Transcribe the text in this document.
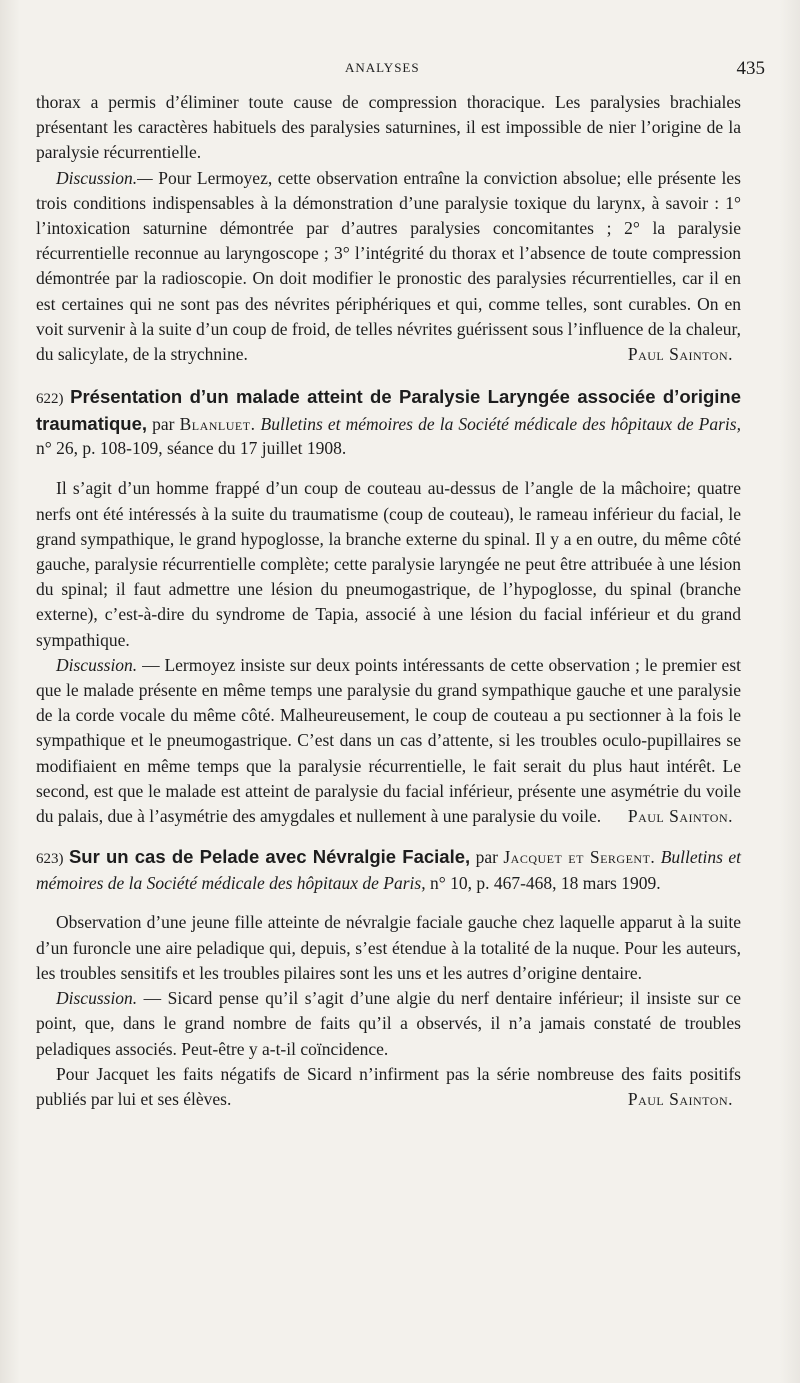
ANALYSES	435

thorax a permis d’éliminer toute cause de compression thoracique. Les paralysies brachiales présentant les caractères habituels des paralysies saturnines, il est impossible de nier l’origine de la paralysie récurrentielle.

Discussion.— Pour Lermoyez, cette observation entraîne la conviction absolue; elle présente les trois conditions indispensables à la démonstration d’une paralysie toxique du larynx, à savoir : 1° l’intoxication saturnine démontrée par d’autres paralysies concomitantes ; 2° la paralysie récurrentielle reconnue au laryngoscope ; 3° l’intégrité du thorax et l’absence de toute compression démontrée par la radioscopie. On doit modifier le pronostic des paralysies récurrentielles, car il en est certaines qui ne sont pas des névrites périphériques et qui, comme telles, sont curables. On en voit survenir à la suite d’un coup de froid, de telles névrites guérissent sous l’influence de la chaleur, du salicylate, de la strychnine.	Paul Sainton.

622) Présentation d’un malade atteint de Paralysie Laryngée associée d’origine traumatique, par Blanluet. Bulletins et mémoires de la Société médicale des hôpitaux de Paris, n° 26, p. 108-109, séance du 17 juillet 1908.

Il s’agit d’un homme frappé d’un coup de couteau au-dessus de l’angle de la mâchoire; quatre nerfs ont été intéressés à la suite du traumatisme (coup de couteau), le rameau inférieur du facial, le grand sympathique, le grand hypoglosse, la branche externe du spinal. Il y a en outre, du même côté gauche, paralysie récurrentielle complète; cette paralysie laryngée ne peut être attribuée à une lésion du spinal; il faut admettre une lésion du pneumogastrique, de l’hypoglosse, du spinal (branche externe), c’est-à-dire du syndrome de Tapia, associé à une lésion du facial inférieur et du grand sympathique.

Discussion. — Lermoyez insiste sur deux points intéressants de cette observation ; le premier est que le malade présente en même temps une paralysie du grand sympathique gauche et une paralysie de la corde vocale du même côté. Malheureusement, le coup de couteau a pu sectionner à la fois le sympathique et le pneumogastrique. C’est dans un cas d’attente, si les troubles oculo-pupillaires se modifiaient en même temps que la paralysie récurrentielle, le fait serait du plus haut intérêt. Le second, est que le malade est atteint de paralysie du facial inférieur, présente une asymétrie du voile du palais, due à l’asymétrie des amygdales et nullement à une paralysie du voile.	Paul Sainton.

623) Sur un cas de Pelade avec Névralgie Faciale, par Jacquet et Sergent. Bulletins et mémoires de la Société médicale des hôpitaux de Paris, n° 10, p. 467-468, 18 mars 1909.

Observation d’une jeune fille atteinte de névralgie faciale gauche chez laquelle apparut à la suite d’un furoncle une aire peladique qui, depuis, s’est étendue à la totalité de la nuque. Pour les auteurs, les troubles sensitifs et les troubles pilaires sont les uns et les autres d’origine dentaire.

Discussion. — Sicard pense qu’il s’agit d’une algie du nerf dentaire inférieur; il insiste sur ce point, que, dans le grand nombre de faits qu’il a observés, il n’a jamais constaté de troubles peladiques associés. Peut-être y a-t-il coïncidence.

Pour Jacquet les faits négatifs de Sicard n’infirment pas la série nombreuse des faits positifs publiés par lui et ses élèves.	Paul Sainton.
